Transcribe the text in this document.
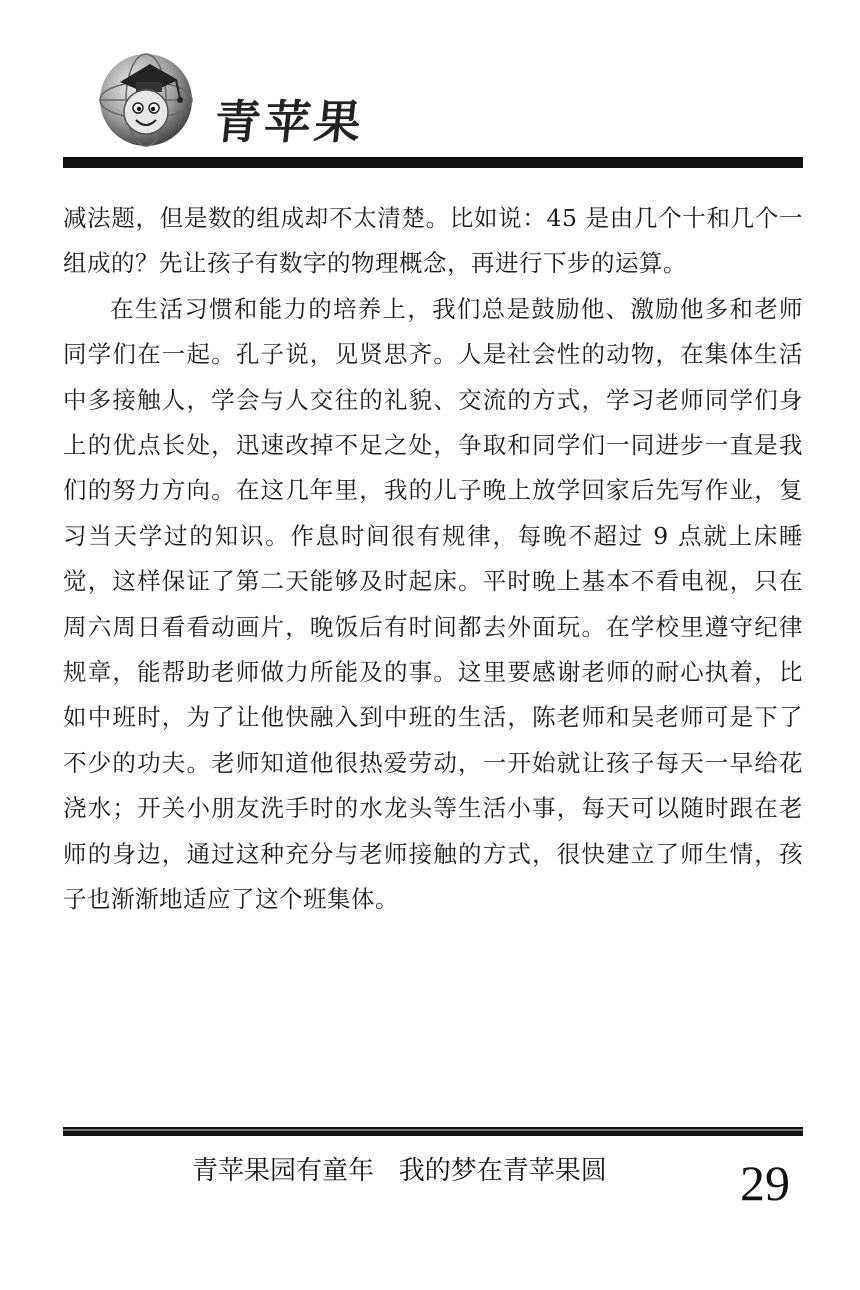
青苹果

减法题，但是数的组成却不太清楚。比如说：45 是由几个十和几个一组成的？先让孩子有数字的物理概念，再进行下步的运算。

在生活习惯和能力的培养上，我们总是鼓励他、激励他多和老师同学们在一起。孔子说，见贤思齐。人是社会性的动物，在集体生活中多接触人，学会与人交往的礼貌、交流的方式，学习老师同学们身上的优点长处，迅速改掉不足之处，争取和同学们一同进步一直是我们的努力方向。在这几年里，我的儿子晚上放学回家后先写作业，复习当天学过的知识。作息时间很有规律，每晚不超过 9 点就上床睡觉，这样保证了第二天能够及时起床。平时晚上基本不看电视，只在周六周日看看动画片，晚饭后有时间都去外面玩。在学校里遵守纪律规章，能帮助老师做力所能及的事。这里要感谢老师的耐心执着，比如中班时，为了让他快融入到中班的生活，陈老师和吴老师可是下了不少的功夫。老师知道他很热爱劳动，一开始就让孩子每天一早给花浇水；开关小朋友洗手时的水龙头等生活小事，每天可以随时跟在老师的身边，通过这种充分与老师接触的方式，很快建立了师生情，孩子也渐渐地适应了这个班集体。

青苹果园有童年   我的梦在青苹果圆	29
